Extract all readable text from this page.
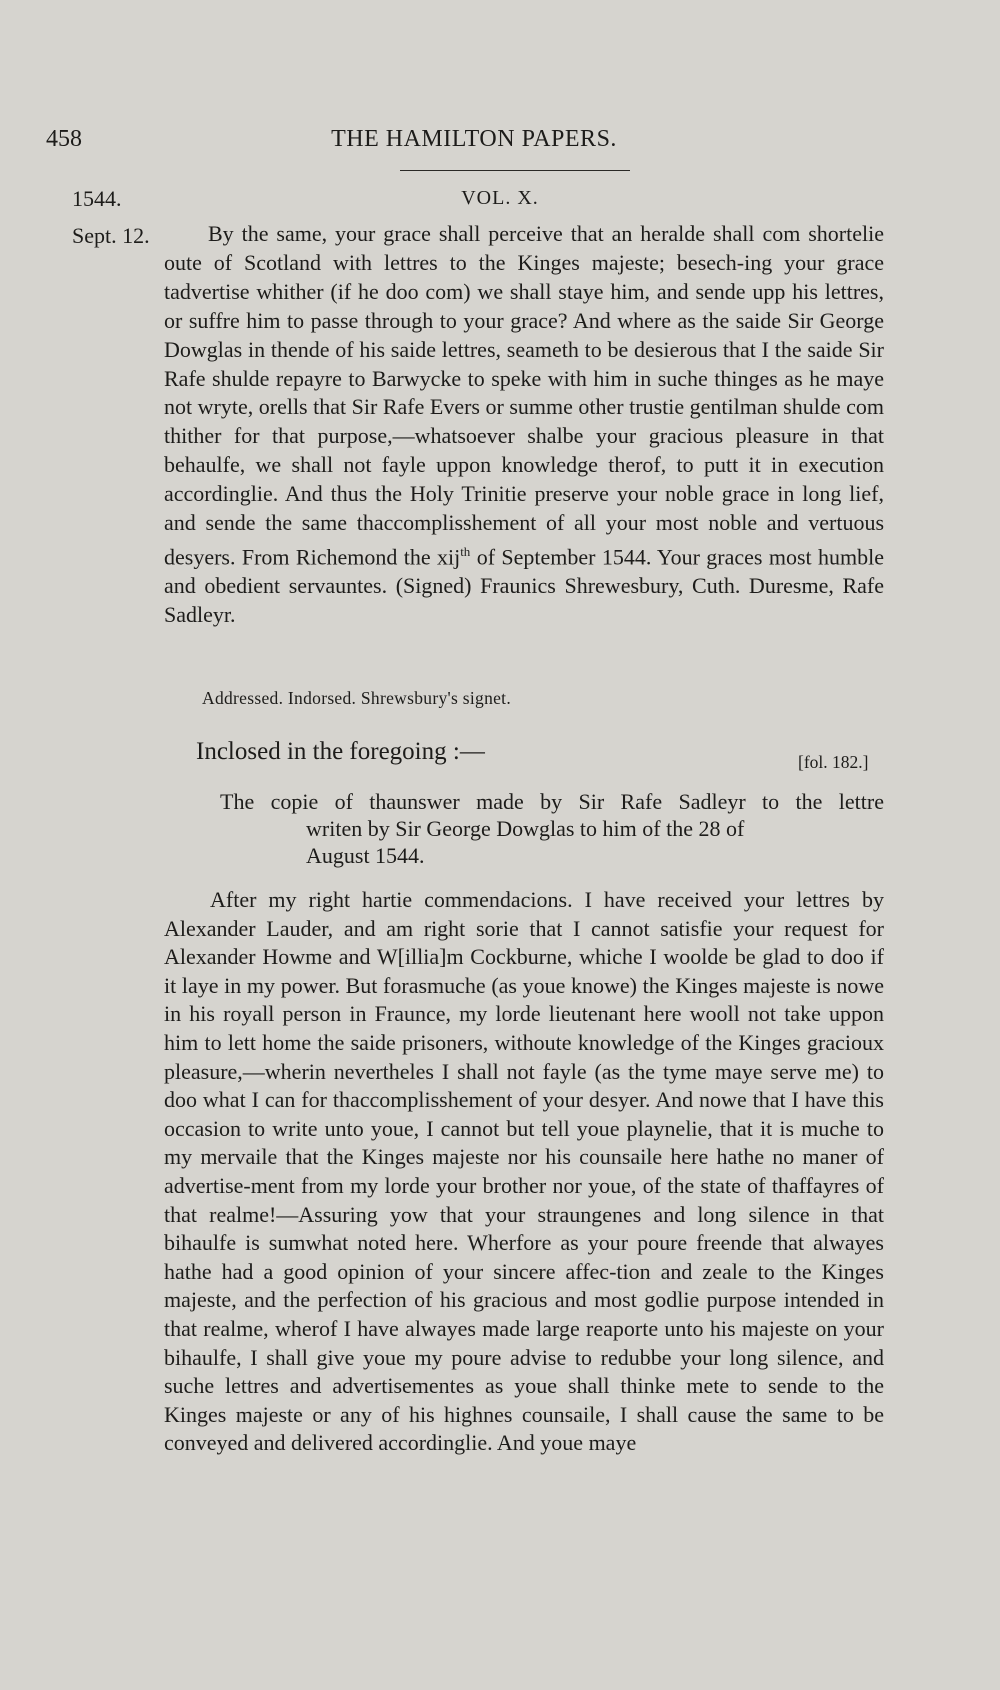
458	THE HAMILTON PAPERS.
1544.	VOL. X.
Sept. 12.	By the same, your grace shall perceive that an heralde shall com shortelie oute of Scotland with lettres to the Kinges majeste; besech-ing your grace tadvertise whither (if he doo com) we shall staye him, and sende upp his lettres, or suffre him to passe through to your grace? And where as the saide Sir George Dowglas in thende of his saide lettres, seameth to be desierous that I the saide Sir Rafe shulde repayre to Barwycke to speke with him in suche thinges as he maye not wryte, orells that Sir Rafe Evers or summe other trustie gentilman shulde com thither for that purpose,—whatsoever shalbe your gracious pleasure in that behaulfe, we shall not fayle uppon knowledge therof, to putt it in execution accordinglie. And thus the Holy Trinitie preserve your noble grace in long lief, and sende the same thaccomplisshement of all your most noble and vertuous desyers. From Richemond the xij$^{th}$ of September 1544. Your graces most humble and obedient servauntes. (Signed) Fraunics Shrewesbury, Cuth. Duresme, Rafe Sadleyr.

Addressed. Indorsed. Shrewsbury's signet.
Inclosed in the foregoing :—	[fol. 182.]

The copie of thaunswer made by Sir Rafe Sadleyr to the lettre
writen by Sir George Dowglas to him of the 28 of
August 1544.

After my right hartie commendacions. I have received your lettres by Alexander Lauder, and am right sorie that I cannot satisfie your request for Alexander Howme and W[illia]m Cockburne, whiche I woolde be glad to doo if it laye in my power. But forasmuche (as youe knowe) the Kinges majeste is nowe in his royall person in Fraunce, my lorde lieutenant here wooll not take uppon him to lett home the saide prisoners, withoute knowledge of the Kinges gracioux pleasure,—wherin nevertheles I shall not fayle (as the tyme maye serve me) to doo what I can for thaccomplisshement of your desyer. And nowe that I have this occasion to write unto youe, I cannot but tell youe playnelie, that it is muche to my mervaile that the Kinges majeste nor his counsaile here hathe no maner of advertise-ment from my lorde your brother nor youe, of the state of thaffayres of that realme!—Assuring yow that your straungenes and long silence in that bihaulfe is sumwhat noted here. Wherfore as your poure freende that alwayes hathe had a good opinion of your sincere affec-tion and zeale to the Kinges majeste, and the perfection of his gracious and most godlie purpose intended in that realme, wherof I have alwayes made large reaporte unto his majeste on your bihaulfe, I shall give youe my poure advise to redubbe your long silence, and suche lettres and advertisementes as youe shall thinke mete to sende to the Kinges majeste or any of his highnes counsaile, I shall cause the same to be conveyed and delivered accordinglie. And youe maye
